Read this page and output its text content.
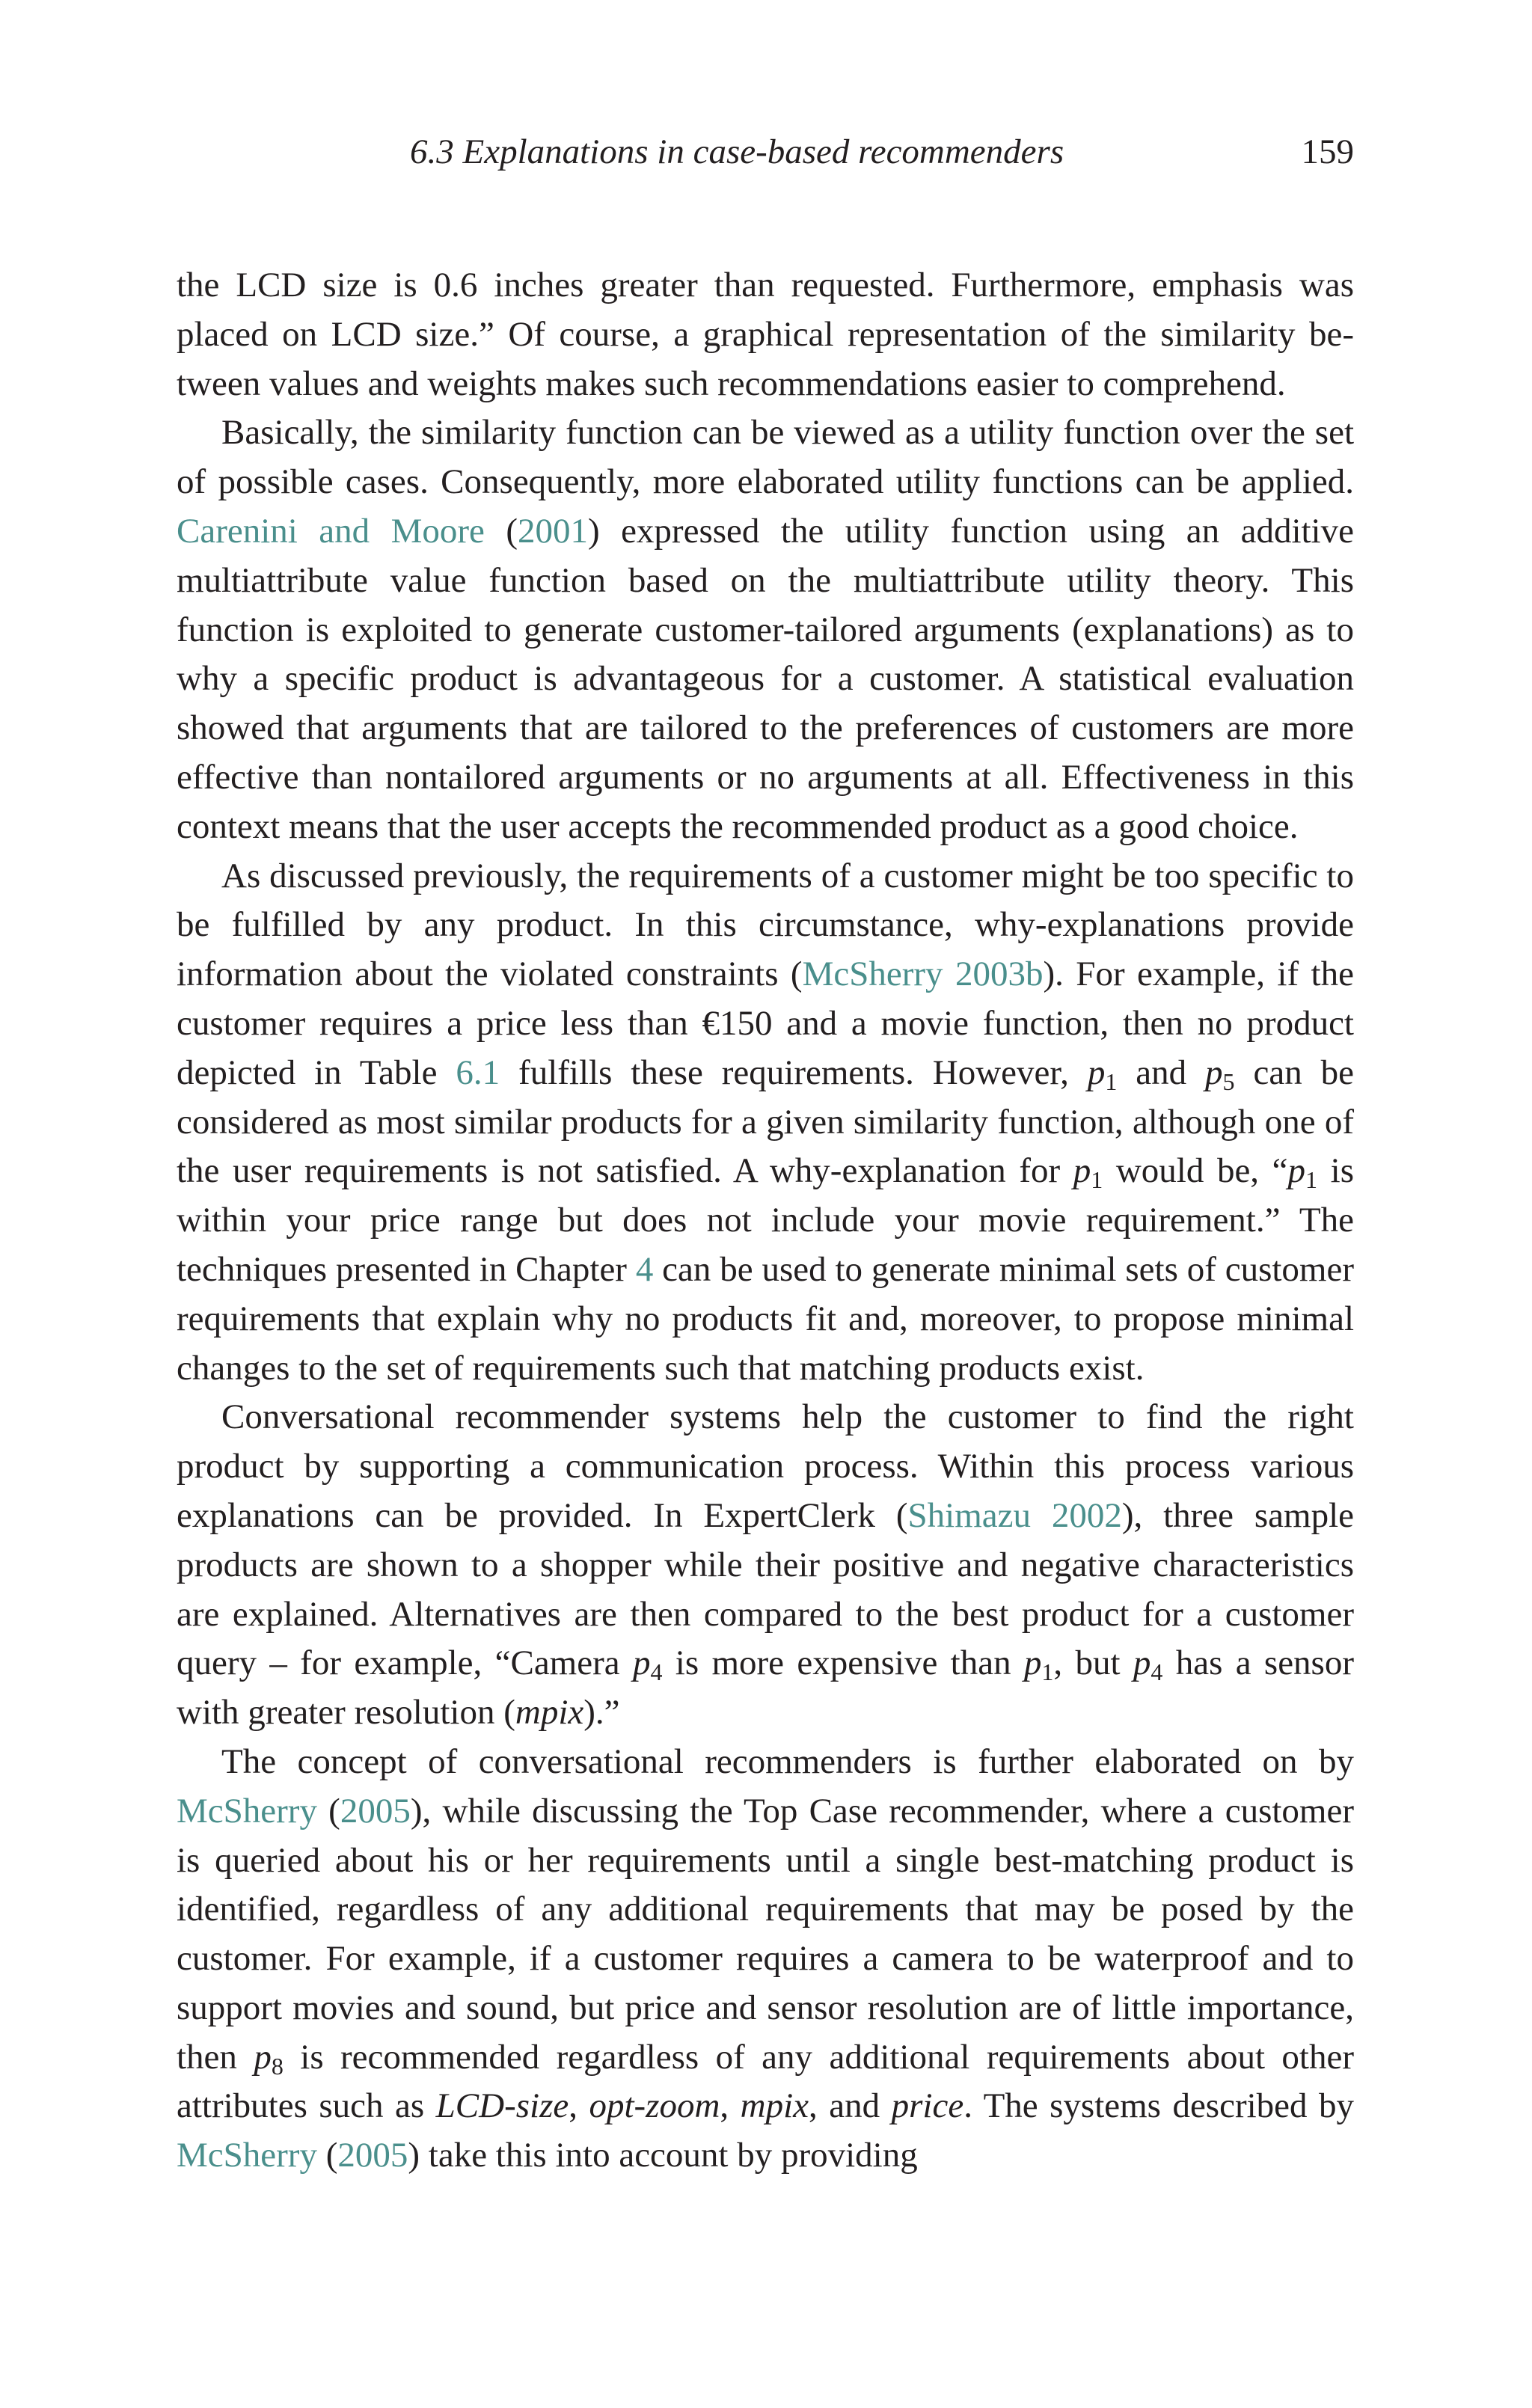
6.3 Explanations in case-based recommenders	159

the LCD size is 0.6 inches greater than requested. Furthermore, emphasis was placed on LCD size.” Of course, a graphical representation of the similarity between values and weights makes such recommendations easier to comprehend.

Basically, the similarity function can be viewed as a utility function over the set of possible cases. Consequently, more elaborated utility functions can be applied. Carenini and Moore (2001) expressed the utility function using an additive multiattribute value function based on the multiattribute utility theory. This function is exploited to generate customer-tailored arguments (explanations) as to why a specific product is advantageous for a customer. A statistical evaluation showed that arguments that are tailored to the preferences of customers are more effective than nontailored arguments or no arguments at all. Effectiveness in this context means that the user accepts the recommended product as a good choice.

As discussed previously, the requirements of a customer might be too specific to be fulfilled by any product. In this circumstance, why-explanations provide information about the violated constraints (McSherry 2003b). For example, if the customer requires a price less than €150 and a movie function, then no product depicted in Table 6.1 fulfills these requirements. However, $p_1$ and $p_5$ can be considered as most similar products for a given similarity function, although one of the user requirements is not satisfied. A why-explanation for $p_1$ would be, “$p_1$ is within your price range but does not include your movie requirement.” The techniques presented in Chapter 4 can be used to generate minimal sets of customer requirements that explain why no products fit and, moreover, to propose minimal changes to the set of requirements such that matching products exist.

Conversational recommender systems help the customer to find the right product by supporting a communication process. Within this process various explanations can be provided. In ExpertClerk (Shimazu 2002), three sample products are shown to a shopper while their positive and negative characteristics are explained. Alternatives are then compared to the best product for a customer query – for example, “Camera $p_4$ is more expensive than $p_1$, but $p_4$ has a sensor with greater resolution (mpix).”

The concept of conversational recommenders is further elaborated on by McSherry (2005), while discussing the Top Case recommender, where a customer is queried about his or her requirements until a single best-matching product is identified, regardless of any additional requirements that may be posed by the customer. For example, if a customer requires a camera to be waterproof and to support movies and sound, but price and sensor resolution are of little importance, then $p_8$ is recommended regardless of any additional requirements about other attributes such as LCD-size, opt-zoom, mpix, and price. The systems described by McSherry (2005) take this into account by providing
